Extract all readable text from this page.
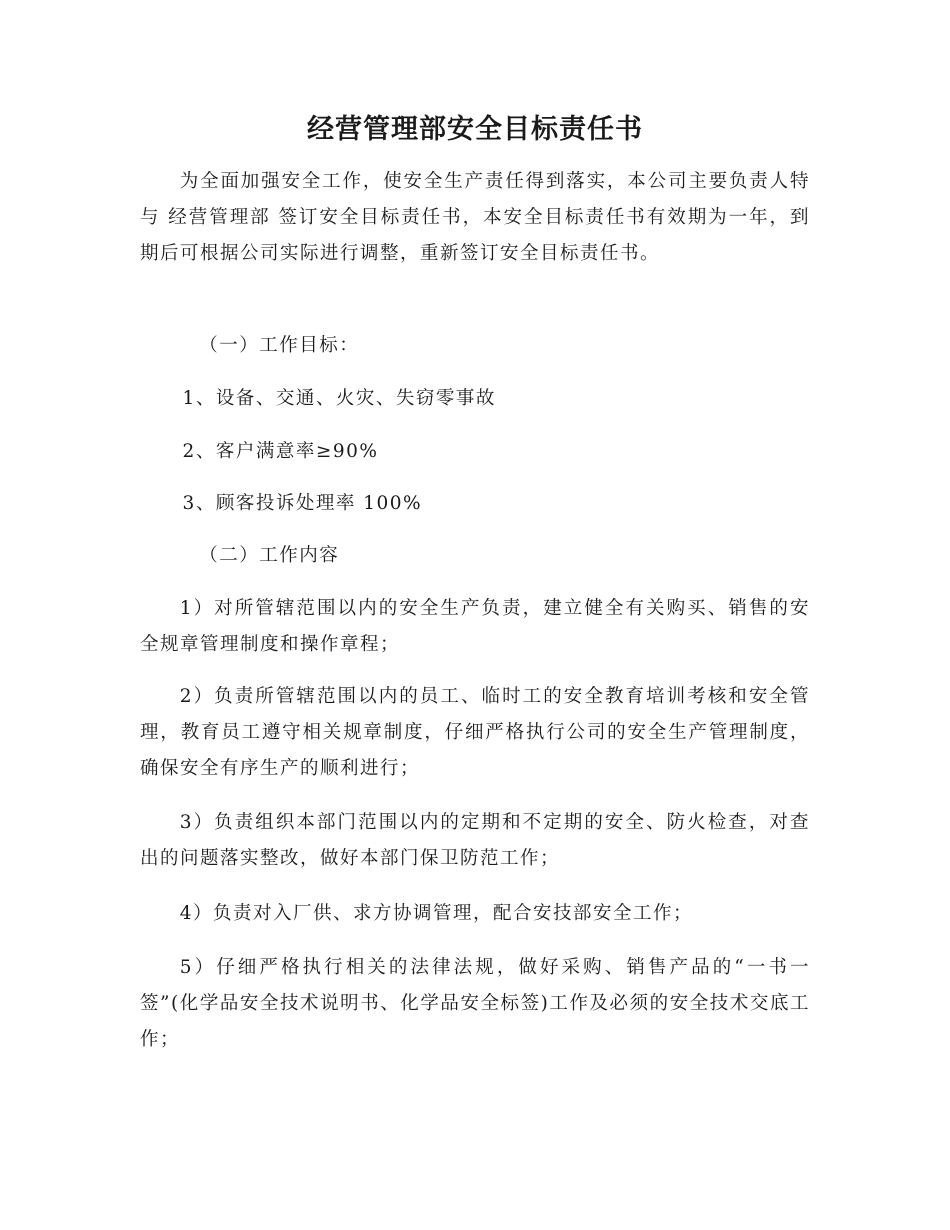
经营管理部安全目标责任书

为全面加强安全工作，使安全生产责任得到落实，本公司主要负责人特与 经营管理部 签订安全目标责任书，本安全目标责任书有效期为一年，到期后可根据公司实际进行调整，重新签订安全目标责任书。

（一）工作目标：

1、设备、交通、火灾、失窃零事故

2、客户满意率≥90%

3、顾客投诉处理率 100%

（二）工作内容

1）对所管辖范围以内的安全生产负责，建立健全有关购买、销售的安全规章管理制度和操作章程；

2）负责所管辖范围以内的员工、临时工的安全教育培训考核和安全管理，教育员工遵守相关规章制度，仔细严格执行公司的安全生产管理制度，确保安全有序生产的顺利进行；

3）负责组织本部门范围以内的定期和不定期的安全、防火检查，对查出的问题落实整改，做好本部门保卫防范工作；

4）负责对入厂供、求方协调管理，配合安技部安全工作；

5）仔细严格执行相关的法律法规，做好采购、销售产品的“一书一签”(化学品安全技术说明书、化学品安全标签)工作及必须的安全技术交底工作；
